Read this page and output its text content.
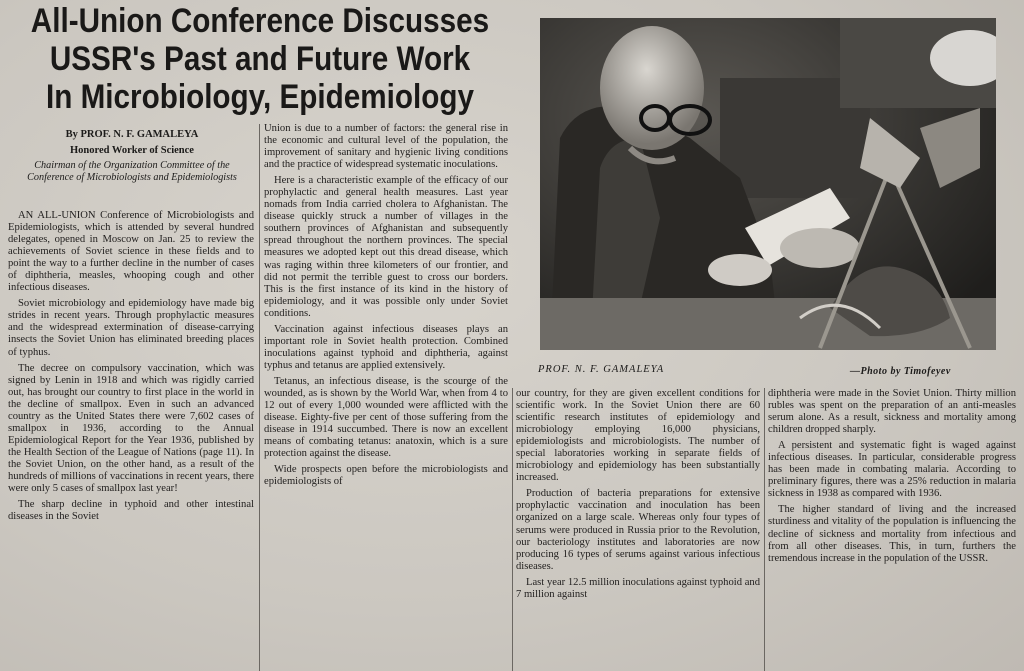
All-Union Conference Discusses
USSR's Past and Future Work
In Microbiology, Epidemiology
By PROF. N. F. GAMALEYA
Honored Worker of Science
Chairman of the Organization Committee of the Conference of Microbiologists and Epidemiologists

AN ALL-UNION Conference of Microbiologists and Epidemiologists, which is attended by several hundred delegates, opened in Moscow on Jan. 25 to review the achievements of Soviet science in these fields and to point the way to a further decline in the number of cases of diphtheria, measles, whooping cough and other infectious diseases.

Soviet microbiology and epidemiology have made big strides in recent years. Through prophylactic measures and the widespread extermination of disease-carrying insects the Soviet Union has eliminated breeding places of typhus.

The decree on compulsory vaccination, which was signed by Lenin in 1918 and which was rigidly carried out, has brought our country to first place in the world in the decline of smallpox. Even in such an advanced country as the United States there were 7,602 cases of smallpox in 1936, according to the Annual Epidemiological Report for the Year 1936, published by the Health Section of the League of Nations (page 11). In the Soviet Union, on the other hand, as a result of the hundreds of millions of vaccinations in recent years, there were only 5 cases of smallpox last year!

The sharp decline in typhoid and other intestinal diseases in the Soviet

Union is due to a number of factors: the general rise in the economic and cultural level of the population, the improvement of sanitary and hygienic living conditions and the practice of widespread systematic inoculations.

Here is a characteristic example of the efficacy of our prophylactic and general health measures. Last year nomads from India carried cholera to Afghanistan. The disease quickly struck a number of villages in the southern provinces of Afghanistan and subsequently spread throughout the northern provinces. The special measures we adopted kept out this dread disease, which was raging within three kilometers of our frontier, and did not permit the terrible guest to cross our borders. This is the first instance of its kind in the history of epidemiology, and it was possible only under Soviet conditions.

Vaccination against infectious diseases plays an important role in Soviet health protection. Combined inoculations against typhoid and diphtheria, against typhus and tetanus are applied extensively.

Tetanus, an infectious disease, is the scourge of the wounded, as is shown by the World War, when from 4 to 12 out of every 1,000 wounded were afflicted with the disease. Eighty-five per cent of those suffering from the disease in 1914 succumbed. There is now an excellent means of combating tetanus: anatoxin, which is a sure protection against the disease.

Wide prospects open before the microbiologists and epidemiologists of

PROF. N. F. GAMALEYA	—Photo by Timofeyev

our country, for they are given excellent conditions for scientific work. In the Soviet Union there are 60 scientific research institutes of epidemiology and microbiology employing 16,000 physicians, epidemiologists and microbiologists. The number of special laboratories working in separate fields of microbiology and epidemiology has been substantially increased.

Production of bacteria preparations for extensive prophylactic vaccination and inoculation has been organized on a large scale. Whereas only four types of serums were produced in Russia prior to the Revolution, our bacteriology institutes and laboratories are now producing 16 types of serums against various infectious diseases.

Last year 12.5 million inoculations against typhoid and 7 million against

diphtheria were made in the Soviet Union. Thirty million rubles was spent on the preparation of an anti-measles serum alone. As a result, sickness and mortality among children dropped sharply.

A persistent and systematic fight is waged against infectious diseases. In particular, considerable progress has been made in combating malaria. According to preliminary figures, there was a 25% reduction in malaria sickness in 1938 as compared with 1936.

The higher standard of living and the increased sturdiness and vitality of the population is influencing the decline of sickness and mortality from infectious and from all other diseases. This, in turn, furthers the tremendous increase in the population of the USSR.
